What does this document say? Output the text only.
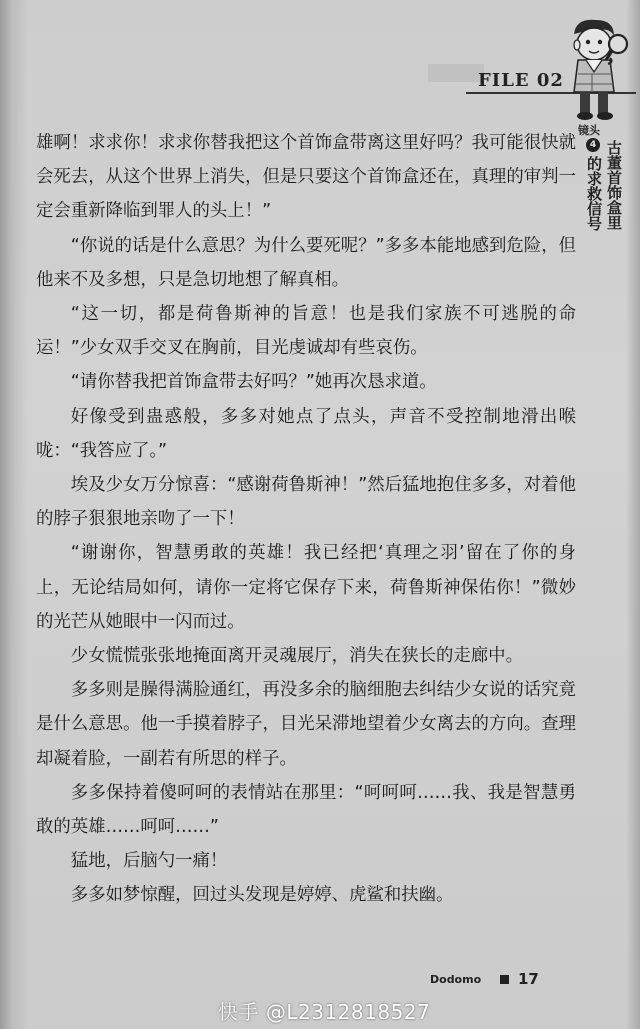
FILE 02
镜头
4 古董首饰盒里
的求救信号

雄啊！求求你！求求你替我把这个首饰盒带离这里好吗？我可能很快就会死去，从这个世界上消失，但是只要这个首饰盒还在，真理的审判一定会重新降临到罪人的头上！”

“你说的话是什么意思？为什么要死呢？”多多本能地感到危险，但他来不及多想，只是急切地想了解真相。

“这一切，都是荷鲁斯神的旨意！也是我们家族不可逃脱的命运！”少女双手交叉在胸前，目光虔诚却有些哀伤。

“请你替我把首饰盒带去好吗？”她再次恳求道。

好像受到蛊惑般，多多对她点了点头，声音不受控制地滑出喉咙：“我答应了。”

埃及少女万分惊喜：“感谢荷鲁斯神！”然后猛地抱住多多，对着他的脖子狠狠地亲吻了一下！

“谢谢你，智慧勇敢的英雄！我已经把‘真理之羽’留在了你的身上，无论结局如何，请你一定将它保存下来，荷鲁斯神保佑你！”微妙的光芒从她眼中一闪而过。

少女慌慌张张地掩面离开灵魂展厅，消失在狭长的走廊中。

多多则是臊得满脸通红，再没多余的脑细胞去纠结少女说的话究竟是什么意思。他一手摸着脖子，目光呆滞地望着少女离去的方向。查理却凝着脸，一副若有所思的样子。

多多保持着傻呵呵的表情站在那里：“呵呵呵……我、我是智慧勇敢的英雄……呵呵……”

猛地，后脑勺一痛！

多多如梦惊醒，回过头发现是婷婷、虎鲨和扶幽。

Dodomo 17
快手 @L2312818527
